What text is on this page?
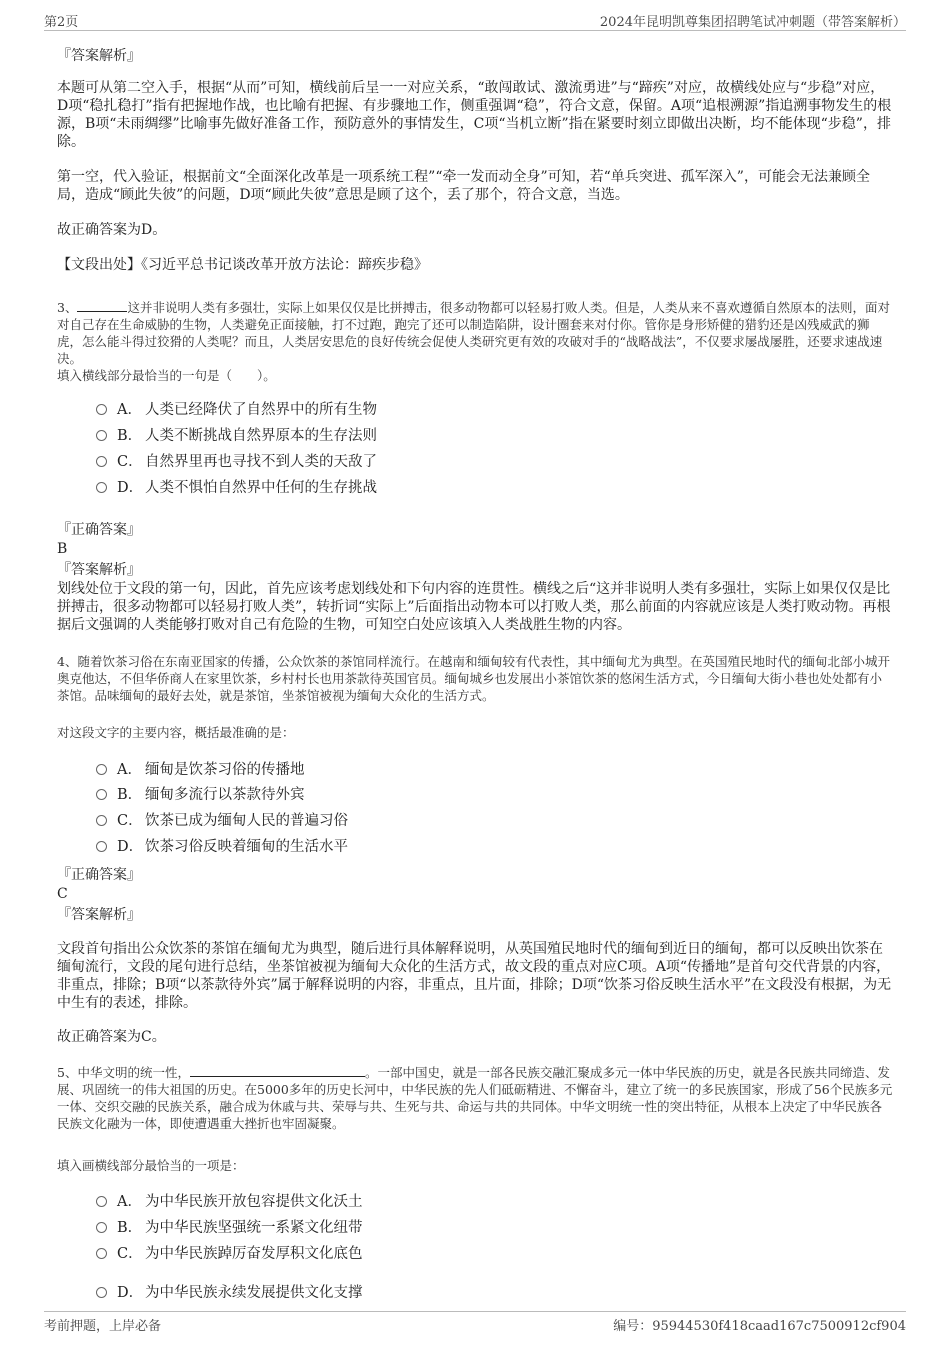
第2页	2024年昆明凯尊集团招聘笔试冲刺题（带答案解析）
『答案解析』

本题可从第二空入手，根据“从而”可知，横线前后呈一一对应关系，“敢闯敢试、激流勇进”与“蹄疾”对应，故横线处应与“步稳”对应，D项“稳扎稳打”指有把握地作战，也比喻有把握、有步骤地工作，侧重强调“稳”，符合文意，保留。A项“追根溯源”指追溯事物发生的根源，B项“未雨绸缪”比喻事先做好准备工作，预防意外的事情发生，C项“当机立断”指在紧要时刻立即做出决断，均不能体现“步稳”，排除。

第一空，代入验证，根据前文“全面深化改革是一项系统工程”“牵一发而动全身”可知，若“单兵突进、孤军深入”，可能会无法兼顾全局，造成“顾此失彼”的问题，D项“顾此失彼”意思是顾了这个，丢了那个，符合文意，当选。

故正确答案为D。
【文段出处】《习近平总书记谈改革开放方法论：蹄疾步稳》

3、	这并非说明人类有多强壮，实际上如果仅仅是比拼搏击，很多动物都可以轻易打败人类。但是，人类从来不喜欢遵循自然原本的法则，面对对自己存在生命威胁的生物，人类避免正面接触，打不过跑，跑完了还可以制造陷阱，设计圈套来对付你。管你是身形矫健的猎豹还是凶残威武的狮虎，怎么能斗得过狡猾的人类呢？而且，人类居安思危的良好传统会促使人类研究更有效的攻破对手的“战略战法”，不仅要求屡战屡胜，还要求速战速决。

填入横线部分最恰当的一句是（　　）。
A． 人类已经降伏了自然界中的所有生物
B． 人类不断挑战自然界原本的生存法则
C． 自然界里再也寻找不到人类的天敌了
D． 人类不惧怕自然界中任何的生存挑战
『正确答案』
B
『答案解析』

划线处位于文段的第一句，因此，首先应该考虑划线处和下句内容的连贯性。横线之后“这并非说明人类有多强壮，实际上如果仅仅是比拼搏击，很多动物都可以轻易打败人类”，转折词“实际上”后面指出动物本可以打败人类，那么前面的内容就应该是人类打败动物。再根据后文强调的人类能够打败对自己有危险的生物，可知空白处应该填入人类战胜生物的内容。

4、随着饮茶习俗在东南亚国家的传播，公众饮茶的茶馆同样流行。在越南和缅甸较有代表性，其中缅甸尤为典型。在英国殖民地时代的缅甸北部小城开奥克他达，不但华侨商人在家里饮茶，乡村村长也用茶款待英国官员。缅甸城乡也发展出小茶馆饮茶的悠闲生活方式，今日缅甸大街小巷也处处都有小茶馆。品味缅甸的最好去处，就是茶馆，坐茶馆被视为缅甸大众化的生活方式。

对这段文字的主要内容，概括最准确的是：
A． 缅甸是饮茶习俗的传播地
B． 缅甸多流行以茶款待外宾
C． 饮茶已成为缅甸人民的普遍习俗
D． 饮茶习俗反映着缅甸的生活水平
『正确答案』
C
『答案解析』

文段首句指出公众饮茶的茶馆在缅甸尤为典型，随后进行具体解释说明，从英国殖民地时代的缅甸到近日的缅甸，都可以反映出饮茶在缅甸流行，文段的尾句进行总结，坐茶馆被视为缅甸大众化的生活方式，故文段的重点对应C项。A项“传播地”是首句交代背景的内容，非重点，排除；B项“以茶款待外宾”属于解释说明的内容，非重点，且片面，排除；D项“饮茶习俗反映生活水平”在文段没有根据，为无中生有的表述，排除。

故正确答案为C。

5、中华文明的统一性，	。一部中国史，就是一部各民族交融汇聚成多元一体中华民族的历史，就是各民族共同缔造、发展、巩固统一的伟大祖国的历史。在5000多年的历史长河中，中华民族的先人们砥砺精进、不懈奋斗，建立了统一的多民族国家，形成了56个民族多元一体、交织交融的民族关系，融合成为休戚与共、荣辱与共、生死与共、命运与共的共同体。中华文明统一性的突出特征，从根本上决定了中华民族各民族文化融为一体，即使遭遇重大挫折也牢固凝聚。

填入画横线部分最恰当的一项是：
A． 为中华民族开放包容提供文化沃土
B． 为中华民族坚强统一系紧文化纽带
C． 为中华民族踔厉奋发厚积文化底色
D． 为中华民族永续发展提供文化支撑
考前押题，上岸必备	编号：95944530f418caad167c7500912cf904
